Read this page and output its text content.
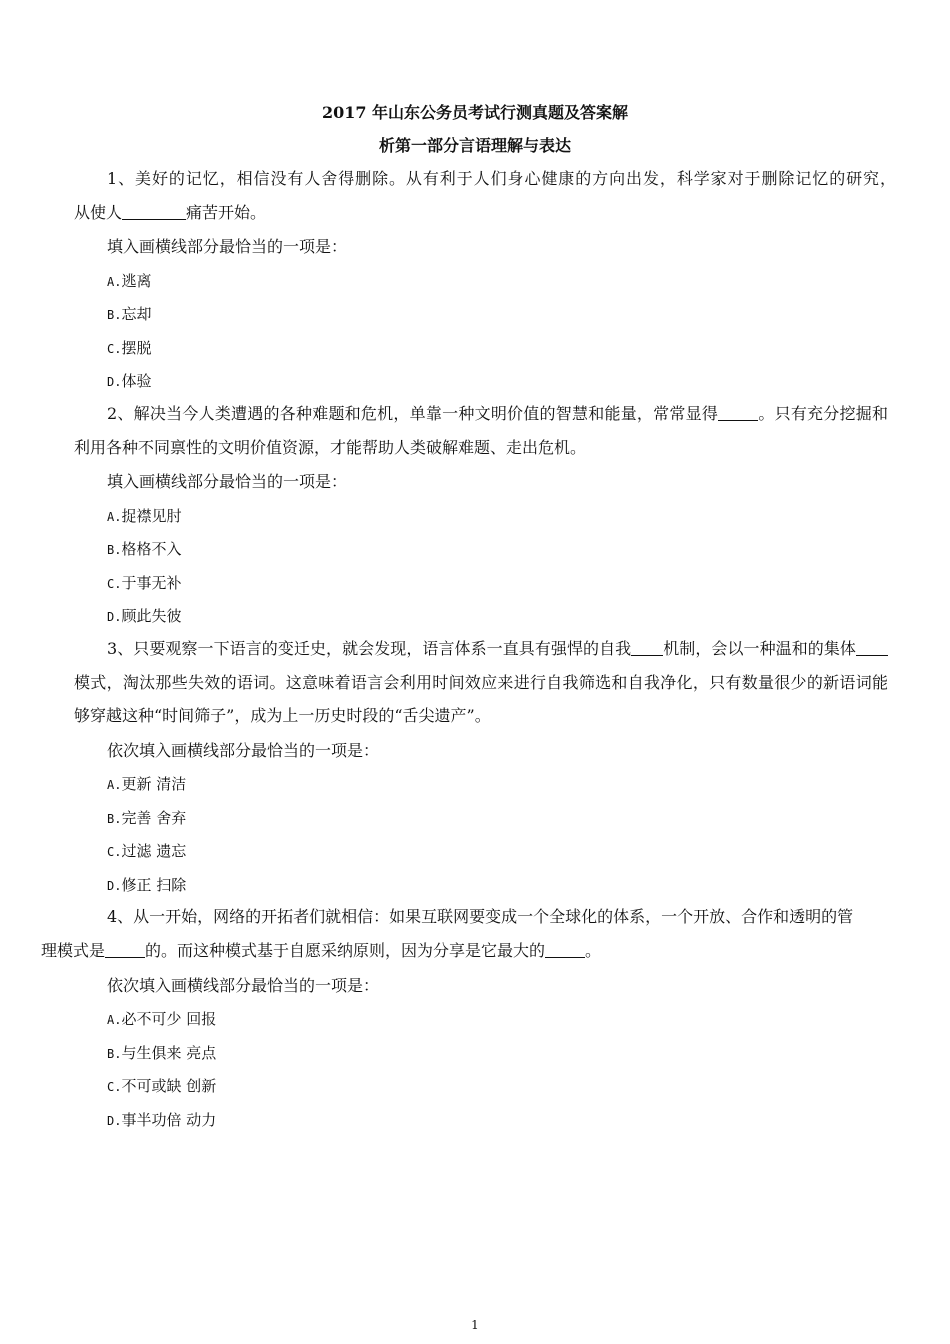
2017 年山东公务员考试行测真题及答案解

析第一部分言语理解与表达

1、美好的记忆，相信没有人舍得删除。从有利于人们身心健康的方向出发，科学家对于删除记忆的研究，　　从使人	痛苦开始。

填入画横线部分最恰当的一项是：

A.逃离

B.忘却

C.摆脱

D.体验

2、解决当今人类遭遇的各种难题和危机，单靠一种文明价值的智慧和能量，常常显得	。只有充分挖掘和利用各种不同禀性的文明价值资源，才能帮助人类破解难题、走出危机。

填入画横线部分最恰当的一项是：

A.捉襟见肘

B.格格不入

C.于事无补

D.顾此失彼

3、只要观察一下语言的变迁史，就会发现，语言体系一直具有强悍的自我 机制，会以一种温和的集体模式，淘汰那些失效的语词。这意味着语言会利用时间效应来进行自我筛选和自我净化，只有数量很少的新语词能够穿越这种“时间筛子”，成为上一历史时段的“舌尖遗产”。

依次填入画横线部分最恰当的一项是：

A.更新 清洁

B.完善 舍弃

C.过滤 遗忘

D.修正 扫除

4、从一开始，网络的开拓者们就相信：如果互联网要变成一个全球化的体系，一个开放、合作和透明的管
理模式是	的。而这种模式基于自愿采纳原则，因为分享是它最大的	。

依次填入画横线部分最恰当的一项是：

A.必不可少 回报

B.与生俱来 亮点

C.不可或缺 创新

D.事半功倍 动力

1
